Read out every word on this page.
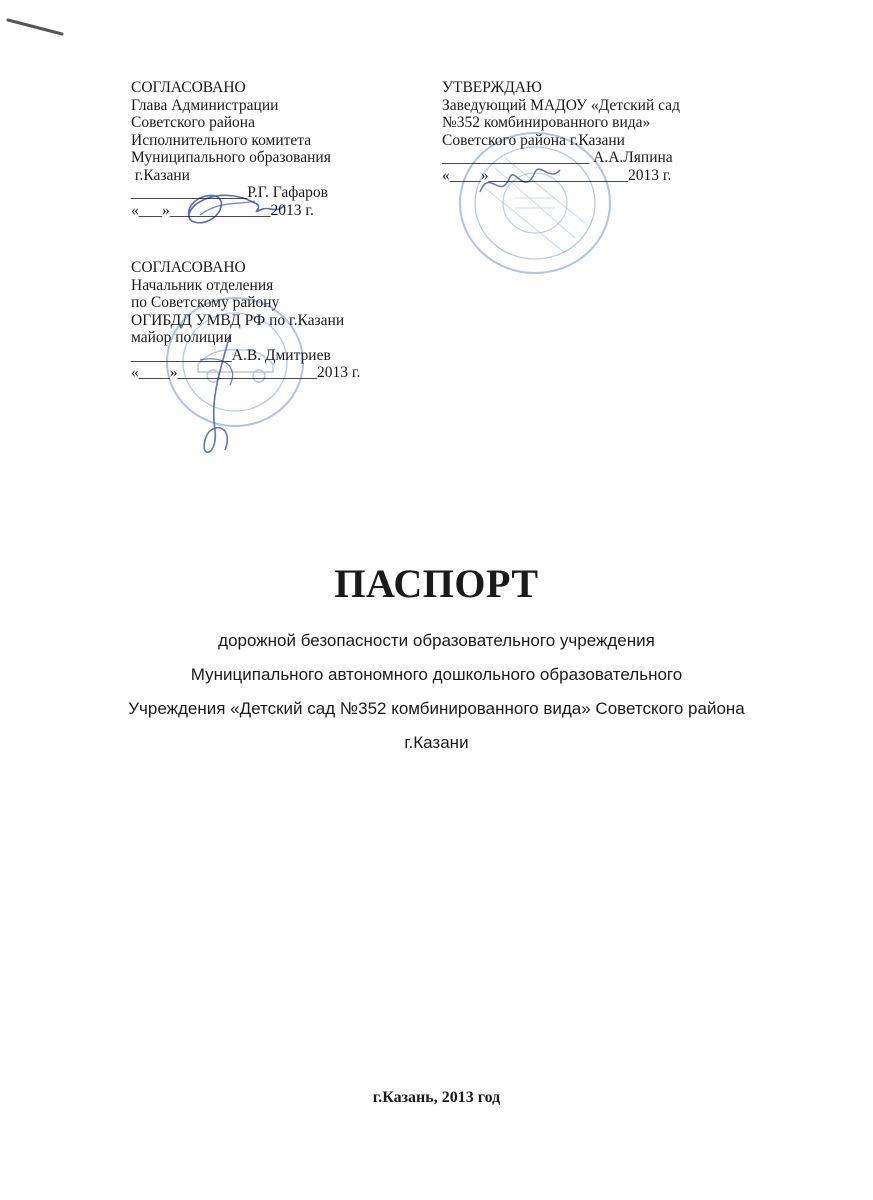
СОГЛАСОВАНО
Глава Администрации
Советского района
Исполнительного комитета
Муниципального образования
г.Казани
_______________Р.Г. Гафаров
«___»_____________2013 г.
УТВЕРЖДАЮ
Заведующий МАДОУ «Детский сад
№352 комбинированного вида»
Советского района г.Казани
___________________ А.А.Ляпина
«____»__________________2013 г.
СОГЛАСОВАНО
Начальник отделения
по Советскому району
ОГИБДД УМВД РФ по г.Казани
майор полиции
_____________А.В. Дмитриев
«____»__________________2013 г.
ПАСПОРТ
дорожной безопасности образовательного учреждения
Муниципального автономного дошкольного образовательного
Учреждения «Детский сад №352 комбинированного вида» Советского района
г.Казани
г.Казань, 2013 год
